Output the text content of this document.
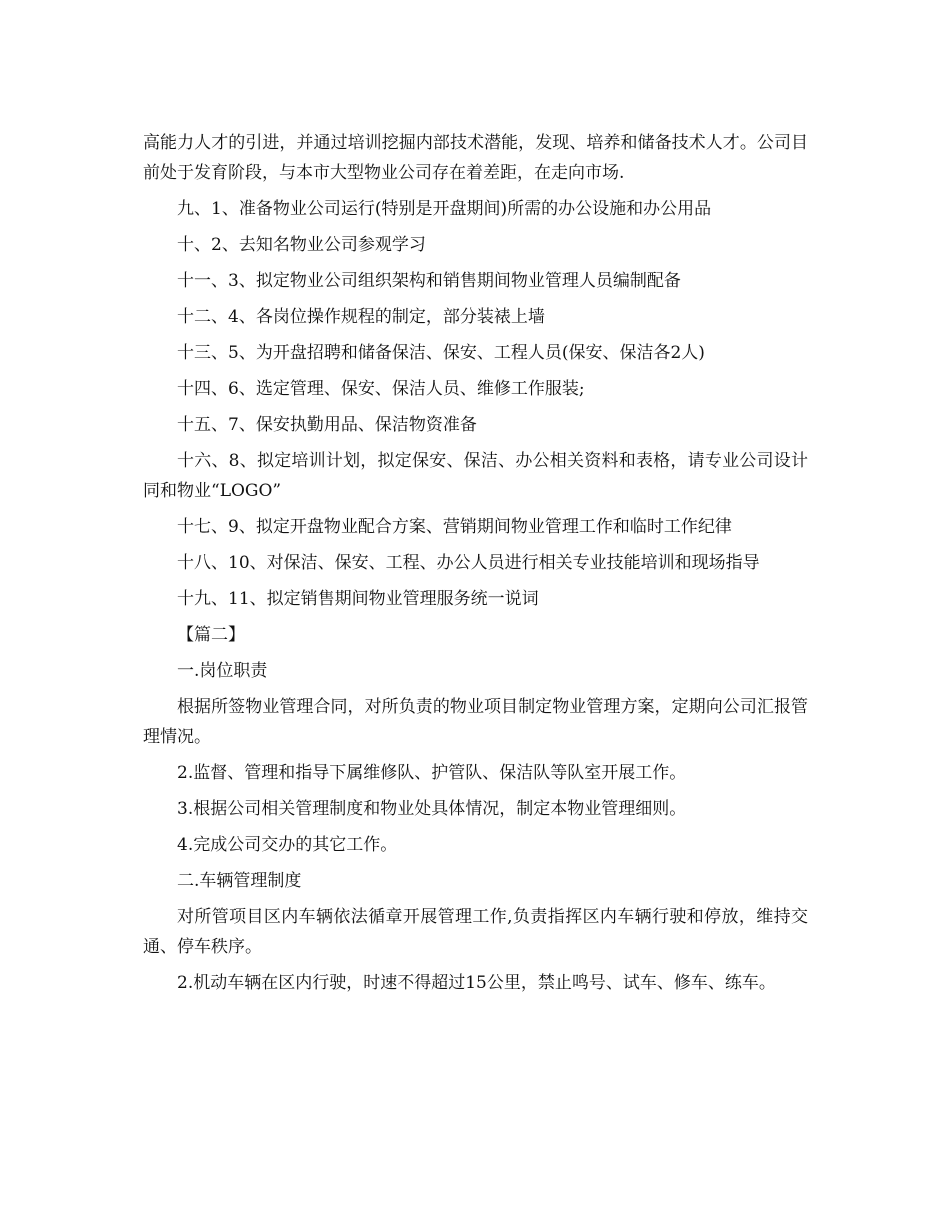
高能力人才的引进，并通过培训挖掘内部技术潜能，发现、培养和储备技术人才。公司目前处于发育阶段，与本市大型物业公司存在着差距，在走向市场.

九、1、准备物业公司运行(特别是开盘期间)所需的办公设施和办公用品

十、2、去知名物业公司参观学习

十一、3、拟定物业公司组织架构和销售期间物业管理人员编制配备

十二、4、各岗位操作规程的制定，部分装裱上墙

十三、5、为开盘招聘和储备保洁、保安、工程人员(保安、保洁各2人)

十四、6、选定管理、保安、保洁人员、维修工作服装;

十五、7、保安执勤用品、保洁物资准备

十六、8、拟定培训计划，拟定保安、保洁、办公相关资料和表格，请专业公司设计同和物业“LOGO”

十七、9、拟定开盘物业配合方案、营销期间物业管理工作和临时工作纪律

十八、10、对保洁、保安、工程、办公人员进行相关专业技能培训和现场指导

十九、11、拟定销售期间物业管理服务统一说词

【篇二】

一.岗位职责

根据所签物业管理合同，对所负责的物业项目制定物业管理方案，定期向公司汇报管理情况。

2.监督、管理和指导下属维修队、护管队、保洁队等队室开展工作。

3.根据公司相关管理制度和物业处具体情况，制定本物业管理细则。

4.完成公司交办的其它工作。

二.车辆管理制度

对所管项目区内车辆依法循章开展管理工作,负责指挥区内车辆行驶和停放，维持交通、停车秩序。

2.机动车辆在区内行驶，时速不得超过15公里，禁止鸣号、试车、修车、练车。
